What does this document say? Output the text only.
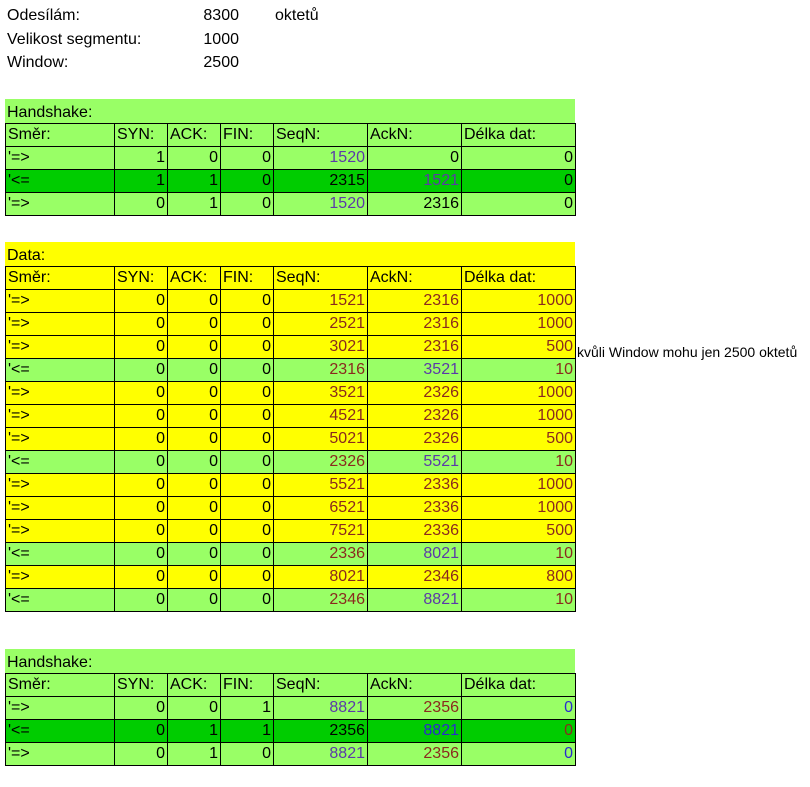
Odesílám:	8300 oktetů
Velikost segmentu:	1000
Window:	2500
Handshake:
Směr:	SYN:	ACK:	FIN:	SeqN:	AckN:	Délka dat:
'=>	1	0	0	1520	0	0
'<=	1	1	0	2315	1521	0
'=>	0	1	0	1520	2316	0
Data:
Směr:	SYN:	ACK:	FIN:	SeqN:	AckN:	Délka dat:
'=>	0	0	0	1521	2316	1000
'=>	0	0	0	2521	2316	1000
'=>	0	0	0	3021	2316	500
'<=	0	0	0	2316	3521	10
'=>	0	0	0	3521	2326	1000
'=>	0	0	0	4521	2326	1000
'=>	0	0	0	5021	2326	500
'<=	0	0	0	2326	5521	10
'=>	0	0	0	5521	2336	1000
'=>	0	0	0	6521	2336	1000
'=>	0	0	0	7521	2336	500
'<=	0	0	0	2336	8021	10
'=>	0	0	0	8021	2346	800
'<=	0	0	0	2346	8821	10
Handshake:
Směr:	SYN:	ACK:	FIN:	SeqN:	AckN:	Délka dat:
'=>	0	0	1	8821	2356	0
'<=	0	1	1	2356	8821	0
'=>	0	1	0	8821	2356	0
kvůli Window mohu jen 2500 oktetů
